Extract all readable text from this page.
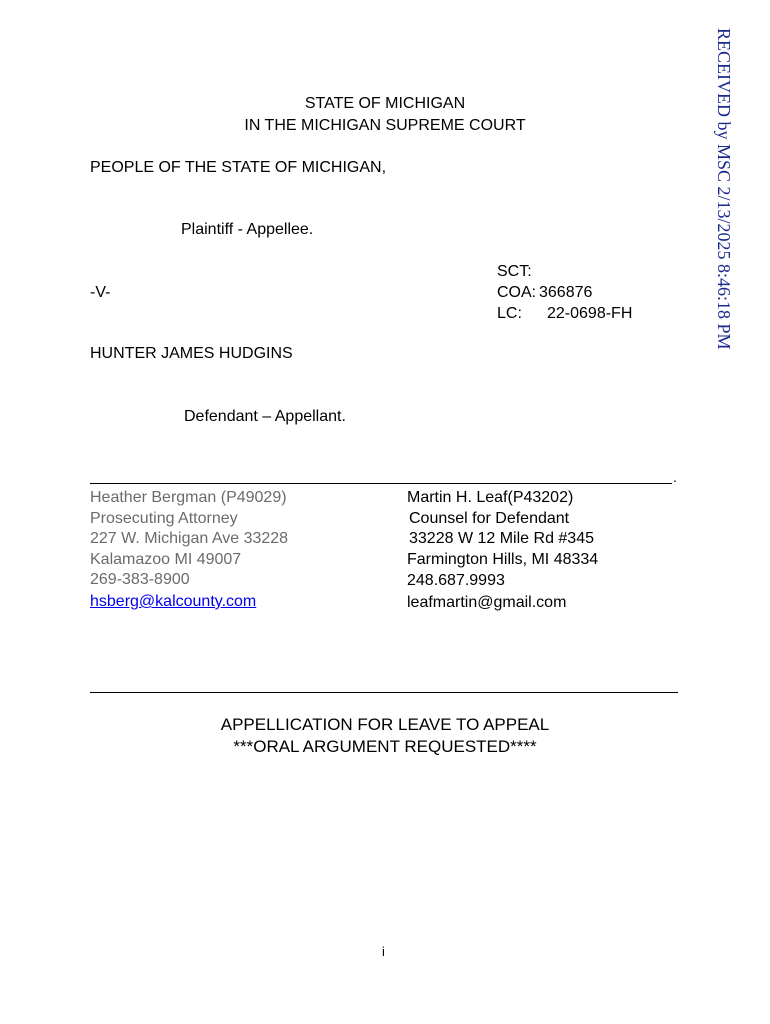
STATE OF MICHIGAN
IN THE MICHIGAN SUPREME COURT
PEOPLE OF THE STATE OF MICHIGAN,
Plaintiff - Appellee.
SCT:
-V-	COA: 366876
LC: 22-0698-FH
HUNTER JAMES HUDGINS
Defendant – Appellant.
.
Heather Bergman (P49029)
Prosecuting Attorney
227 W. Michigan Ave 33228
Kalamazoo MI 49007
269-383-8900
hsberg@kalcounty.com
Martin H. Leaf(P43202)
Counsel for Defendant
33228 W 12 Mile Rd #345
Farmington Hills, MI 48334
248.687.9993
leafmartin@gmail.com
APPELLICATION FOR LEAVE TO APPEAL
***ORAL ARGUMENT REQUESTED****
i
RECEIVED by MSC 2/13/2025 8:46:18 PM
